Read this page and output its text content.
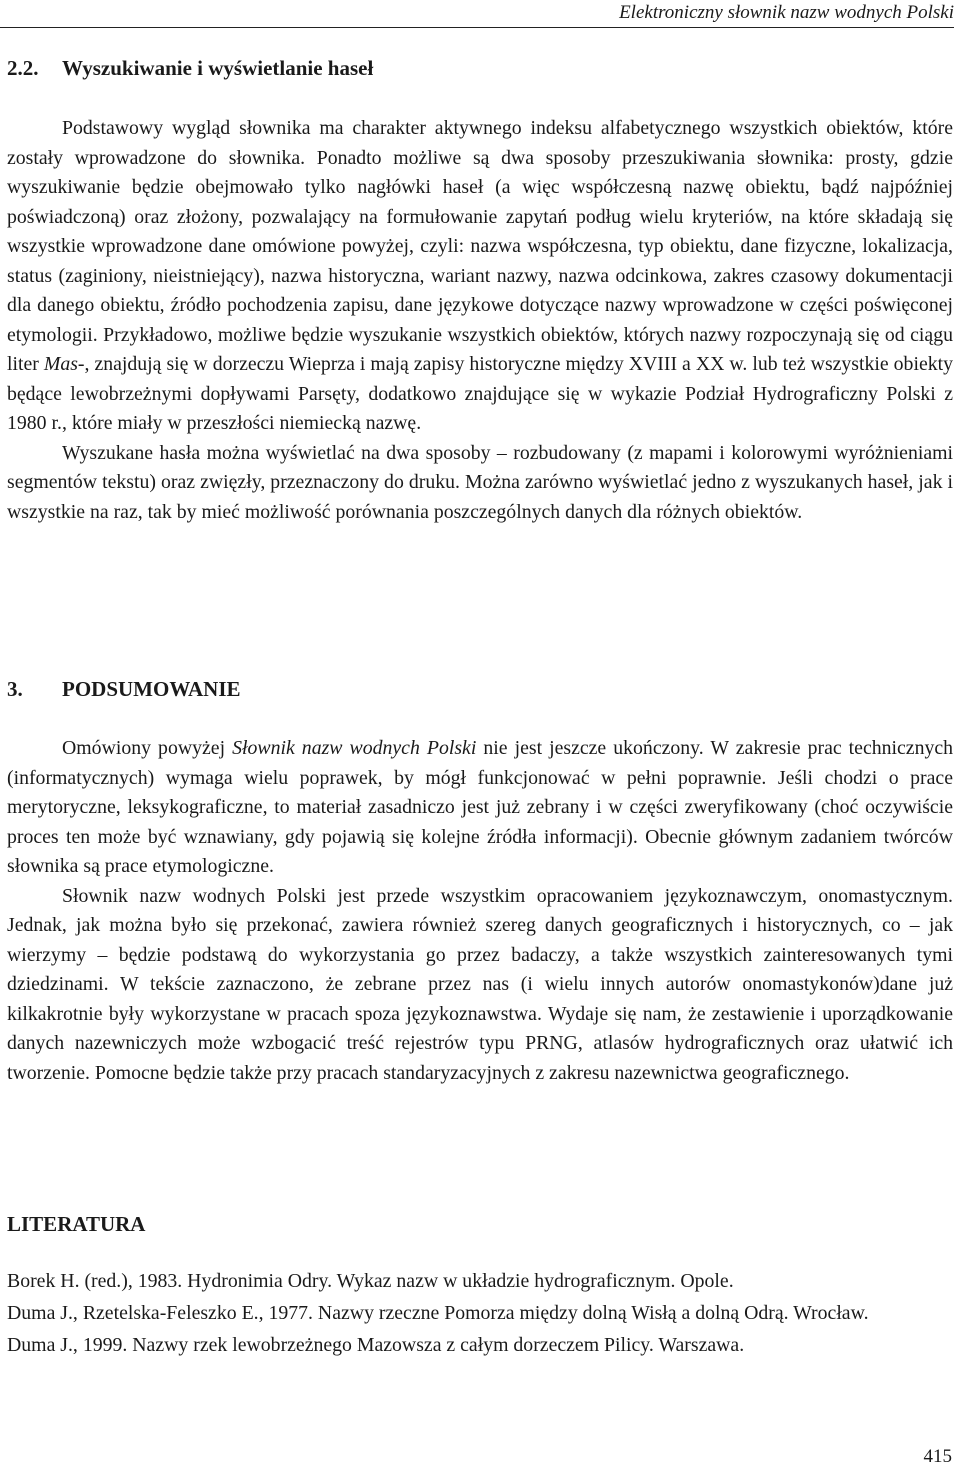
Elektroniczny słownik nazw wodnych Polski
2.2. Wyszukiwanie i wyświetlanie haseł

Podstawowy wygląd słownika ma charakter aktywnego indeksu alfabetycznego wszystkich obiektów, które zostały wprowadzone do słownika. Ponadto możliwe są dwa sposoby przeszukiwania słownika: prosty, gdzie wyszukiwanie będzie obejmowało tylko nagłówki haseł (a więc współczesną nazwę obiektu, bądź najpóźniej poświadczoną) oraz złożony, pozwalający na formułowanie zapytań podług wielu kryteriów, na które składają się wszystkie wprowadzone dane omówione powyżej, czyli: nazwa współczesna, typ obiektu, dane fizyczne, lokalizacja, status (zaginiony, nieistniejący), nazwa historyczna, wariant nazwy, nazwa odcinkowa, zakres czasowy dokumentacji dla danego obiektu, źródło pochodzenia zapisu, dane językowe dotyczące nazwy wprowadzone w części poświęconej etymologii. Przykładowo, możliwe będzie wyszukanie wszystkich obiektów, których nazwy rozpoczynają się od ciągu liter Mas-, znajdują się w dorzeczu Wieprza i mają zapisy historyczne między XVIII a XX w. lub też wszystkie obiekty będące lewobrzeżnymi dopływami Parsęty, dodatkowo znajdujące się w wykazie Podział Hydrograficzny Polski z 1980 r., które miały w przeszłości niemiecką nazwę.

Wyszukane hasła można wyświetlać na dwa sposoby – rozbudowany (z mapami i kolorowymi wyróżnieniami segmentów tekstu) oraz zwięzły, przeznaczony do druku. Można zarówno wyświetlać jedno z wyszukanych haseł, jak i wszystkie na raz, tak by mieć możliwość porównania poszczególnych danych dla różnych obiektów.

3. PODSUMOWANIE

Omówiony powyżej Słownik nazw wodnych Polski nie jest jeszcze ukończony. W zakresie prac technicznych (informatycznych) wymaga wielu poprawek, by mógł funkcjonować w pełni poprawnie. Jeśli chodzi o prace merytoryczne, leksykograficzne, to materiał zasadniczo jest już zebrany i w części zweryfikowany (choć oczywiście proces ten może być wznawiany, gdy pojawią się kolejne źródła informacji). Obecnie głównym zadaniem twórców słownika są prace etymologiczne.

Słownik nazw wodnych Polski jest przede wszystkim opracowaniem językoznawczym, onomastycznym. Jednak, jak można było się przekonać, zawiera również szereg danych geograficznych i historycznych, co – jak wierzymy – będzie podstawą do wykorzystania go przez badaczy, a także wszystkich zainteresowanych tymi dziedzinami. W tekście zaznaczono, że zebrane przez nas (i wielu innych autorów onomastykonów)dane już kilkakrotnie były wykorzystane w pracach spoza językoznawstwa. Wydaje się nam, że zestawienie i uporządkowanie danych nazewniczych może wzbogacić treść rejestrów typu PRNG, atlasów hydrograficznych oraz ułatwić ich tworzenie. Pomocne będzie także przy pracach standaryzacyjnych z zakresu nazewnictwa geograficznego.

LITERATURA

Borek H. (red.), 1983. Hydronimia Odry. Wykaz nazw w układzie hydrograficznym. Opole.

Duma J., Rzetelska-Feleszko E., 1977. Nazwy rzeczne Pomorza między dolną Wisłą a dolną Odrą. Wrocław.

Duma J., 1999. Nazwy rzek lewobrzeżnego Mazowsza z całym dorzeczem Pilicy. Warszawa.

415
